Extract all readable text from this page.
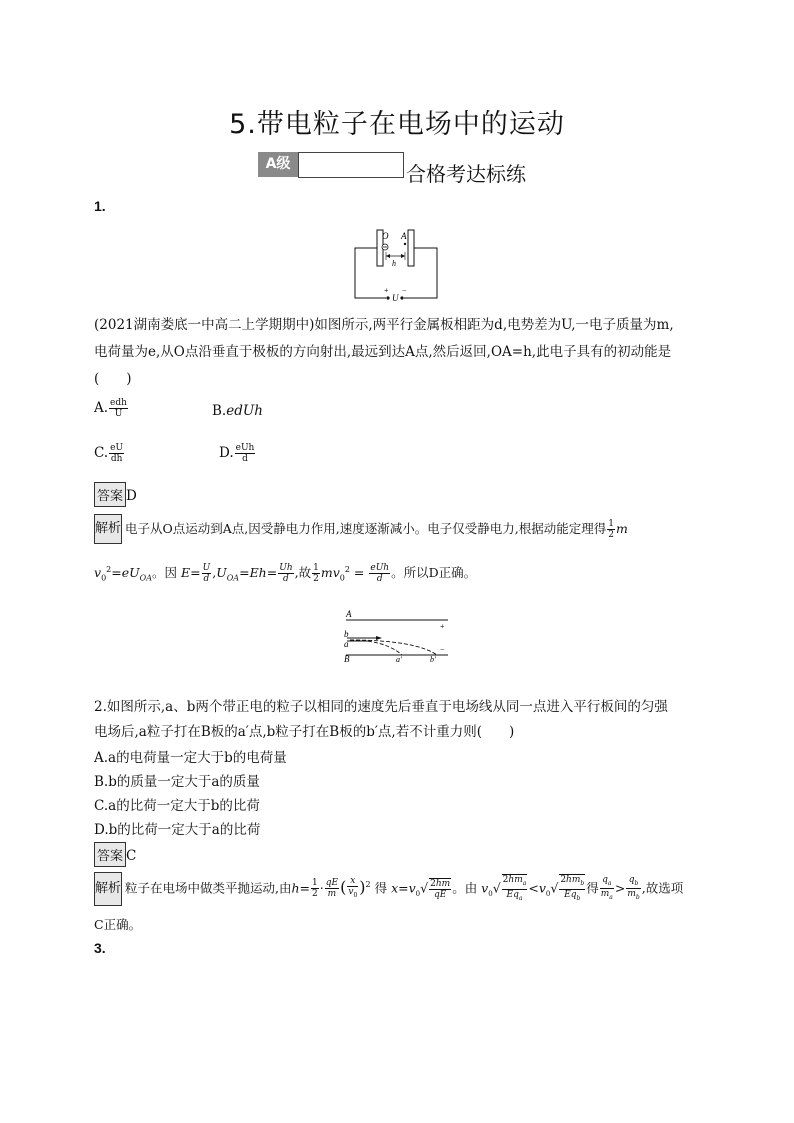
5.带电粒子在电场中的运动
A级	合格考达标练
1.
O A
h
+ −
U
(2021湖南娄底一中高二上学期期中)如图所示,两平行金属板相距为d,电势差为U,一电子质量为m,
电荷量为e,从O点沿垂直于极板的方向射出,最远到达A点,然后返回,OA=h,此电子具有的初动能是
(　　)
A. $\frac{\text{edh}}{U}$	B.edUh
C. $\frac{eU}{dh}$	D. $\frac{\text{eUh}}{d}$
答案 D
解析 电子从O点运动到A点,因受静电力作用,速度逐渐减小。电子仅受静电力,根据动能定理得 $\frac{1}{2}$ m
$v_0^2=eU_{OA}$。因 $E= \frac{U}{d} ,U_{OA}=Eh= \frac{Uh}{d}$ ,故 $\frac{1}{2} mv_0^2 = \frac{\text{eUh}}{d}$ 。所以D正确。
A
+
b
a
−
B	a′	b′
2.如图所示,a、b两个带正电的粒子以相同的速度先后垂直于电场线从同一点进入平行板间的匀强
电场后,a粒子打在B板的a′点,b粒子打在B板的b′点,若不计重力则(　　)
A.a的电荷量一定大于b的电荷量
B.b的质量一定大于a的质量
C.a的比荷一定大于b的比荷
D.b的比荷一定大于a的比荷
答案 C
解析 粒子在电场中做类平抛运动,由$h= \frac{1}{2} \cdot \frac{qE}{m}$ ( $\frac{x}{v_0} )^2$ 得 $x=v_0√ \frac{2hm}{qE}$ 。由 $v_0√ \frac{2hm_a}{Eq_a} <v_0√ \frac{2hm_b}{Eq_b}$ 得 $\frac{q_a}{m_a} > \frac{q_b}{m_b}$ ,故选项
C正确。
3.
